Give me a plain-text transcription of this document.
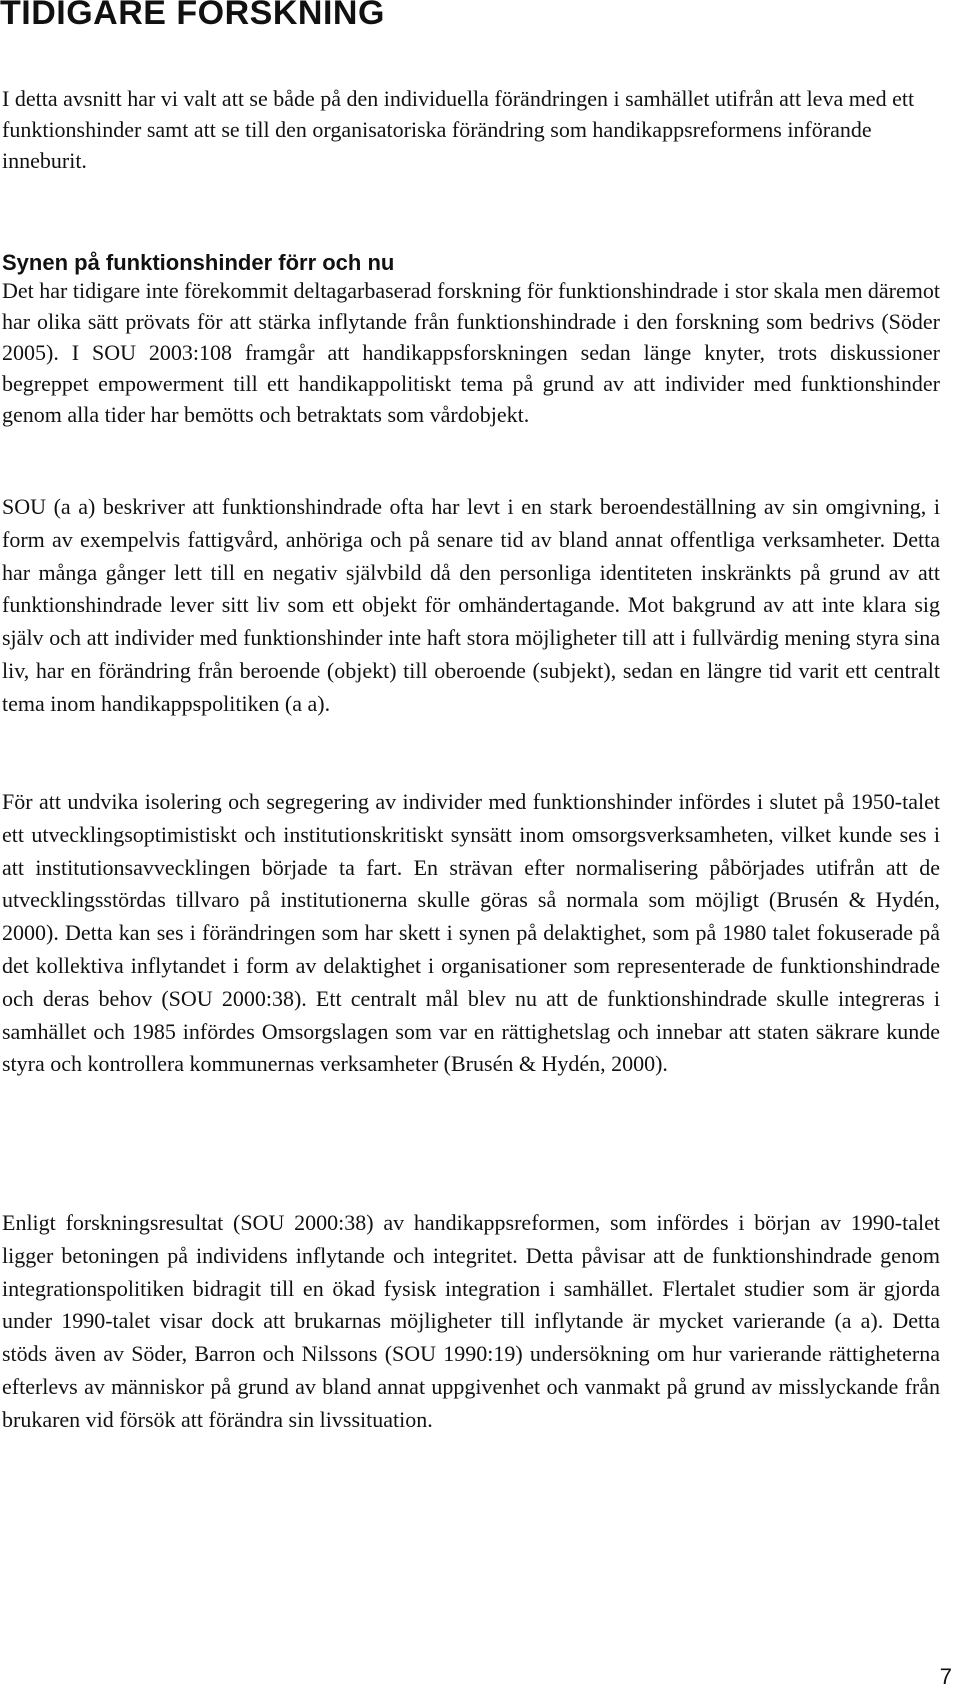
TIDIGARE FORSKNING

I detta avsnitt har vi valt att se både på den individuella förändringen i samhället utifrån att leva med ett funktionshinder samt att se till den organisatoriska förändring som handikappsreformens införande inneburit.

Synen på funktionshinder förr och nu

Det har tidigare inte förekommit deltagarbaserad forskning för funktionshindrade i stor skala men däremot har olika sätt prövats för att stärka inflytande från funktionshindrade i den forskning som bedrivs (Söder 2005). I SOU 2003:108 framgår att handikappsforskningen sedan länge knyter, trots diskussioner begreppet empowerment till ett handikappolitiskt tema på grund av att individer med funktionshinder genom alla tider har bemötts och betraktats som vårdobjekt.

SOU (a a) beskriver att funktionshindrade ofta har levt i en stark beroendeställning av sin omgivning, i form av exempelvis fattigvård, anhöriga och på senare tid av bland annat offentliga verksamheter. Detta har många gånger lett till en negativ självbild då den personliga identiteten inskränkts på grund av att funktionshindrade lever sitt liv som ett objekt för omhändertagande. Mot bakgrund av att inte klara sig själv och att individer med funktionshinder inte haft stora möjligheter till att i fullvärdig mening styra sina liv, har en förändring från beroende (objekt) till oberoende (subjekt), sedan en längre tid varit ett centralt tema inom handikappspolitiken (a a).

För att undvika isolering och segregering av individer med funktionshinder infördes i slutet på 1950-talet ett utvecklingsoptimistiskt och institutionskritiskt synsätt inom omsorgsverksamheten, vilket kunde ses i att institutionsavvecklingen började ta fart. En strävan efter normalisering påbörjades utifrån att de utvecklingsstördas tillvaro på institutionerna skulle göras så normala som möjligt (Brusén & Hydén, 2000). Detta kan ses i förändringen som har skett i synen på delaktighet, som på 1980 talet fokuserade på det kollektiva inflytandet i form av delaktighet i organisationer som representerade de funktionshindrade och deras behov (SOU 2000:38). Ett centralt mål blev nu att de funktionshindrade skulle integreras i samhället och 1985 infördes Omsorgslagen som var en rättighetslag och innebar att staten säkrare kunde styra och kontrollera kommunernas verksamheter (Brusén & Hydén, 2000).

Enligt forskningsresultat (SOU 2000:38) av handikappsreformen, som infördes i början av 1990-talet ligger betoningen på individens inflytande och integritet. Detta påvisar att de funktionshindrade genom integrationspolitiken bidragit till en ökad fysisk integration i samhället. Flertalet studier som är gjorda under 1990-talet visar dock att brukarnas möjligheter till inflytande är mycket varierande (a a). Detta stöds även av Söder, Barron och Nilssons (SOU 1990:19) undersökning om hur varierande rättigheterna efterlevs av människor på grund av bland annat uppgivenhet och vanmakt på grund av misslyckande från brukaren vid försök att förändra sin livssituation.

7
